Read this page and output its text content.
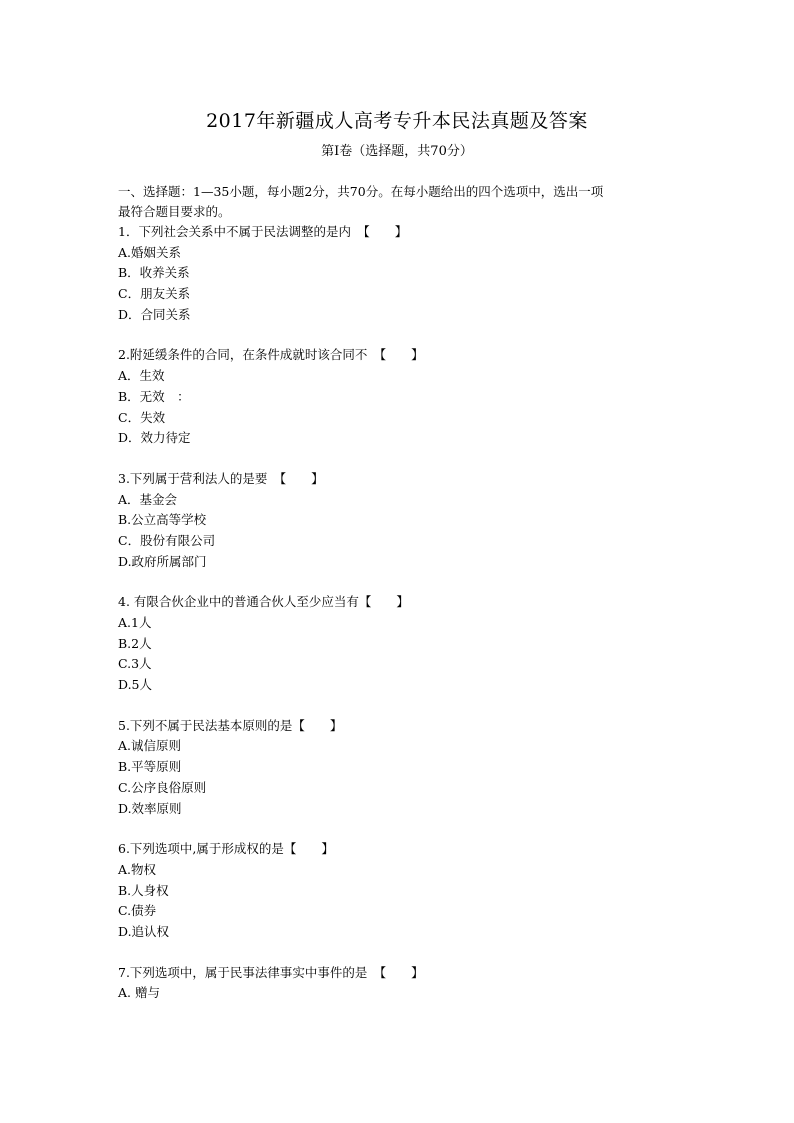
2017年新疆成人高考专升本民法真题及答案
第Ⅰ卷（选择题，共70分）
一、选择题：1—35小题，每小题2分，共70分。在每小题给出的四个选项中，选出一项
最符合题目要求的。
1．下列社会关系中不属于民法调整的是内　【　　】
A.婚姻关系
B．收养关系
C．朋友关系
D．合同关系
2.附延缓条件的合同，在条件成就时该合同不　【　　】
A．生效
B．无效　：
C．失效
D．效力待定
3.下列属于营利法人的是要　【　　】
A．基金会
B.公立高等学校
C．股份有限公司
D.政府所属部门
4. 有限合伙企业中的普通合伙人至少应当有【　　】
A.1人
B.2人
C.3人
D.5人
5.下列不属于民法基本原则的是【　　】
A.诚信原则
B.平等原则
C.公序良俗原则
D.效率原则
6.下列选项中,属于形成权的是【　　】
A.物权
B.人身权
C.债券
D.追认权
7.下列选项中，属于民事法律事实中事件的是　【　　】
A. 赠与
